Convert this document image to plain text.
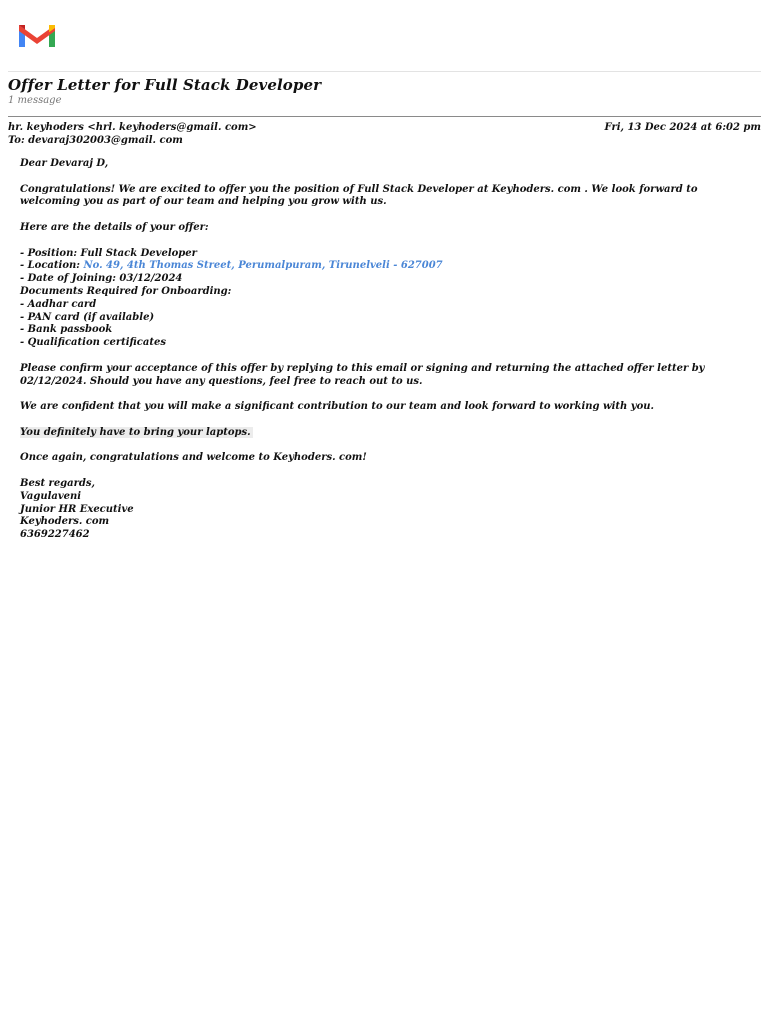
Offer Letter for Full Stack Developer
1 message
hr. keyhoders <hrl. keyhoders@gmail. com>
To: devaraj302003@gmail. com
Fri, 13 Dec 2024 at 6:02 pm

Dear Devaraj D,

Congratulations! We are excited to offer you the position of Full Stack Developer at Keyhoders. com . We look forward to welcoming you as part of our team and helping you grow with us.

Here are the details of your offer:

- Position: Full Stack Developer

- Location: No. 49, 4th Thomas Street, Perumalpuram, Tirunelveli - 627007

- Date of Joining: 03/12/2024

Documents Required for Onboarding:

- Aadhar card

- PAN card (if available)

- Bank passbook

- Qualification certificates

Please confirm your acceptance of this offer by replying to this email or signing and returning the attached offer letter by 02/12/2024. Should you have any questions, feel free to reach out to us.

We are confident that you will make a significant contribution to our team and look forward to working with you.

You definitely have to bring your laptops.

Once again, congratulations and welcome to Keyhoders. com!

Best regards,

Vagulaveni

Junior HR Executive

Keyhoders. com

6369227462
